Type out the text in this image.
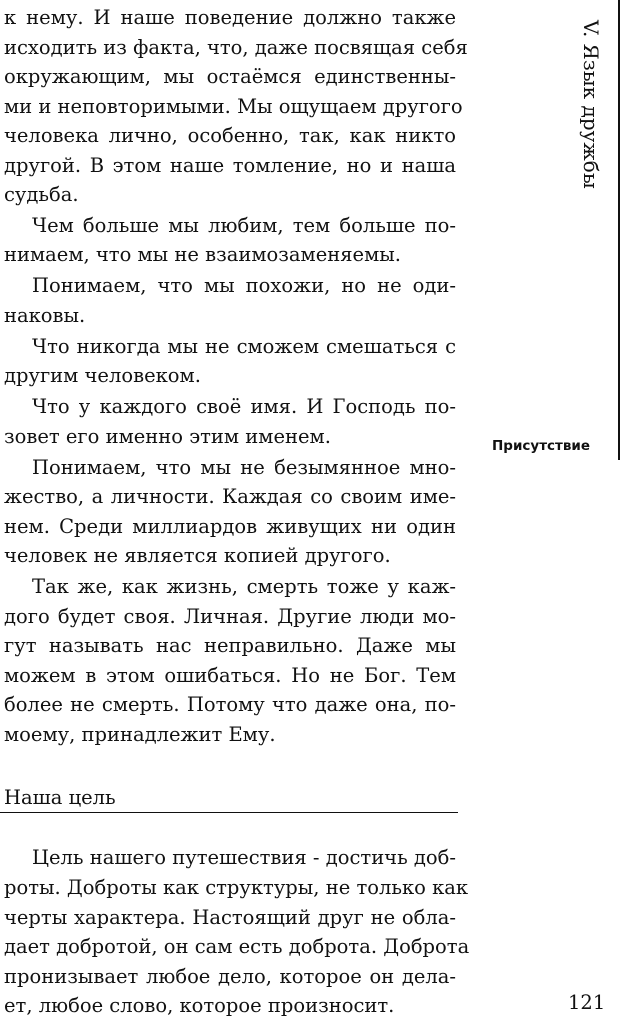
к нему. И наше поведение должно также
исходить из факта, что, даже посвящая себя
окружающим, мы остаёмся единственны-
ми и неповторимыми. Мы ощущаем другого
человека лично, особенно, так, как никто
другой. В этом наше томление, но и наша
судьба.
Чем больше мы любим, тем больше по-
нимаем, что мы не взаимозаменяемы.
Понимаем, что мы похожи, но не оди-
наковы.
Что никогда мы не сможем смешаться с
другим человеком.
Что у каждого своё имя. И Господь по-
зовет его именно этим именем.
Понимаем, что мы не безымянное мно-
жество, а личности. Каждая со своим име-
нем. Среди миллиардов живущих ни один
человек не является копией другого.
Так же, как жизнь, смерть тоже у каж-
дого будет своя. Личная. Другие люди мо-
гут называть нас неправильно. Даже мы
можем в этом ошибаться. Но не Бог. Тем
более не смерть. Потому что даже она, по-
моему, принадлежит Ему.
Наша цель
Цель нашего путешествия - достичь доб-
роты. Доброты как структуры, не только как
черты характера. Настоящий друг не обла-
дает добротой, он сам есть доброта. Доброта
пронизывает любое дело, которое он дела-
ет, любое слово, которое произносит.
V. Язык дружбы
Присутствие
121
